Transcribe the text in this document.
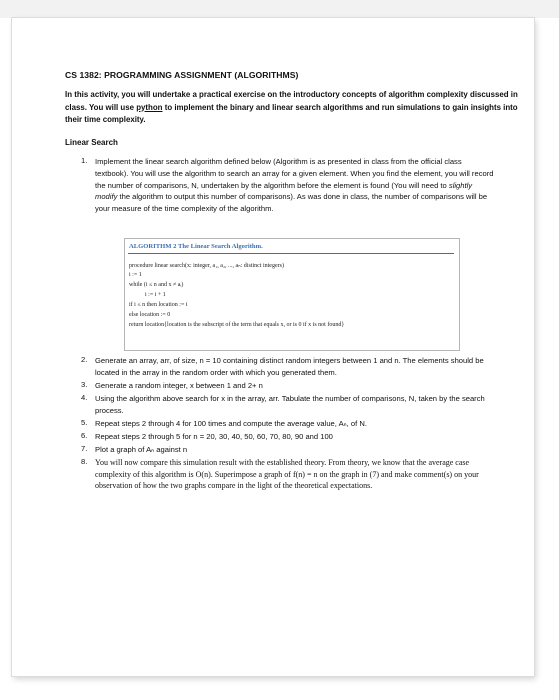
CS 1382: PROGRAMMING ASSIGNMENT (ALGORITHMS)
In this activity, you will undertake a practical exercise on the introductory concepts of algorithm complexity discussed in class. You will use python to implement the binary and linear search algorithms and run simulations to gain insights into their time complexity.
Linear Search
1. Implement the linear search algorithm defined below (Algorithm is as presented in class from the official class textbook). You will use the algorithm to search an array for a given element. When you find the element, you will record the number of comparisons, N, undertaken by the algorithm before the element is found (You will need to slightly modify the algorithm to output this number of comparisons). As was done in class, the number of comparisons will be your measure of the time complexity of the algorithm.
ALGORITHM 2 The Linear Search Algorithm.
procedure linear search(x: integer, a₁, a₂, ..., aₙ: distinct integers)
i := 1
while (i ≤ n and x ≠ aᵢ)
i := i + 1
if i ≤ n then location := i
else location := 0
return location{location is the subscript of the term that equals x, or is 0 if x is not found}
2. Generate an array, arr, of size, n = 10 containing distinct random integers between 1 and n. The elements should be located in the array in the random order with which you generated them.
3. Generate a random integer, x between 1 and 2+ n
4. Using the algorithm above search for x in the array, arr. Tabulate the number of comparisons, N, taken by the search process.
5. Repeat steps 2 through 4 for 100 times and compute the average value, Aₙ, of N.
6. Repeat steps 2 through 5 for n = 20, 30, 40, 50, 60, 70, 80, 90 and 100
7. Plot a graph of Aₙ against n
8. You will now compare this simulation result with the established theory. From theory, we know that the average case complexity of this algorithm is O(n). Superimpose a graph of f(n) = n on the graph in (7) and make comment(s) on your observation of how the two graphs compare in the light of the theoretical expectations.
